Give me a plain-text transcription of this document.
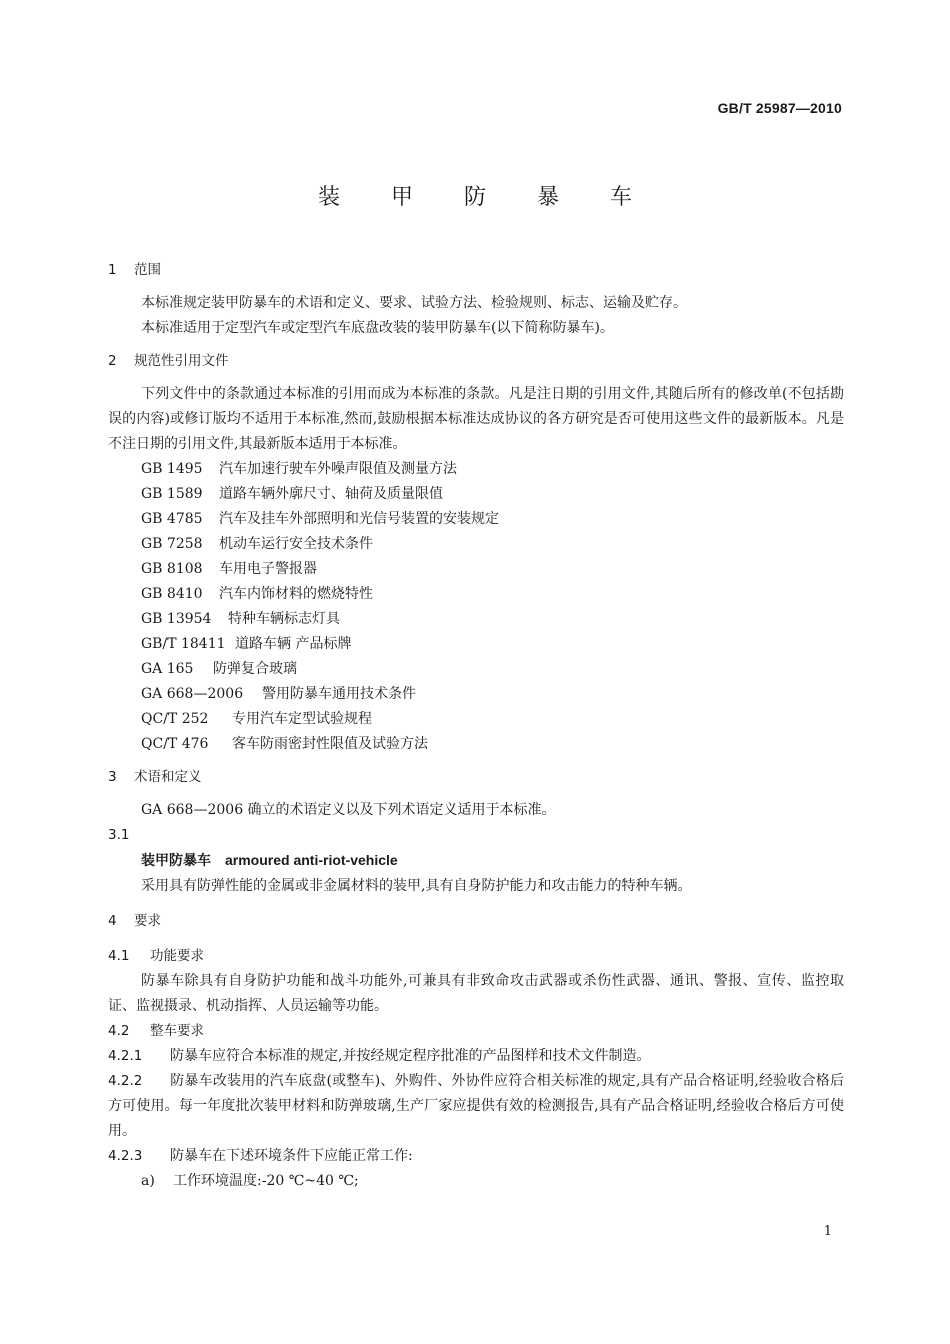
GB/T 25987—2010
装 甲 防 暴 车
1 范围

本标准规定装甲防暴车的术语和定义、要求、试验方法、检验规则、标志、运输及贮存。

本标准适用于定型汽车或定型汽车底盘改装的装甲防暴车(以下简称防暴车)。

2 规范性引用文件

下列文件中的条款通过本标准的引用而成为本标准的条款。凡是注日期的引用文件,其随后所有的修改单(不包括勘误的内容)或修订版均不适用于本标准,然而,鼓励根据本标准达成协议的各方研究是否可使用这些文件的最新版本。凡是不注日期的引用文件,其最新版本适用于本标准。

GB 1495 汽车加速行驶车外噪声限值及测量方法
GB 1589 道路车辆外廓尺寸、轴荷及质量限值
GB 4785 汽车及挂车外部照明和光信号装置的安装规定
GB 7258 机动车运行安全技术条件
GB 8108 车用电子警报器
GB 8410 汽车内饰材料的燃烧特性
GB 13954 特种车辆标志灯具
GB/T 18411 道路车辆 产品标牌
GA 165 防弹复合玻璃
GA 668—2006 警用防暴车通用技术条件
QC/T 252 专用汽车定型试验规程
QC/T 476 客车防雨密封性限值及试验方法
3 术语和定义

GA 668—2006 确立的术语定义以及下列术语定义适用于本标准。

3.1
装甲防暴车 armoured anti-riot-vehicle

采用具有防弹性能的金属或非金属材料的装甲,具有自身防护能力和攻击能力的特种车辆。

4 要求
4.1 功能要求

防暴车除具有自身防护功能和战斗功能外,可兼具有非致命攻击武器或杀伤性武器、通讯、警报、宣传、监控取证、监视摄录、机动指挥、人员运输等功能。

4.2 整车要求
4.2.1 防暴车应符合本标准的规定,并按经规定程序批准的产品图样和技术文件制造。
4.2.2 防暴车改装用的汽车底盘(或整车)、外购件、外协件应符合相关标准的规定,具有产品合格证明,经验收合格后方可使用。每一年度批次装甲材料和防弹玻璃,生产厂家应提供有效的检测报告,具有产品合格证明,经验收合格后方可使用。
4.2.3 防暴车在下述环境条件下应能正常工作:
a) 工作环境温度:-20 ℃~40 ℃;
1
